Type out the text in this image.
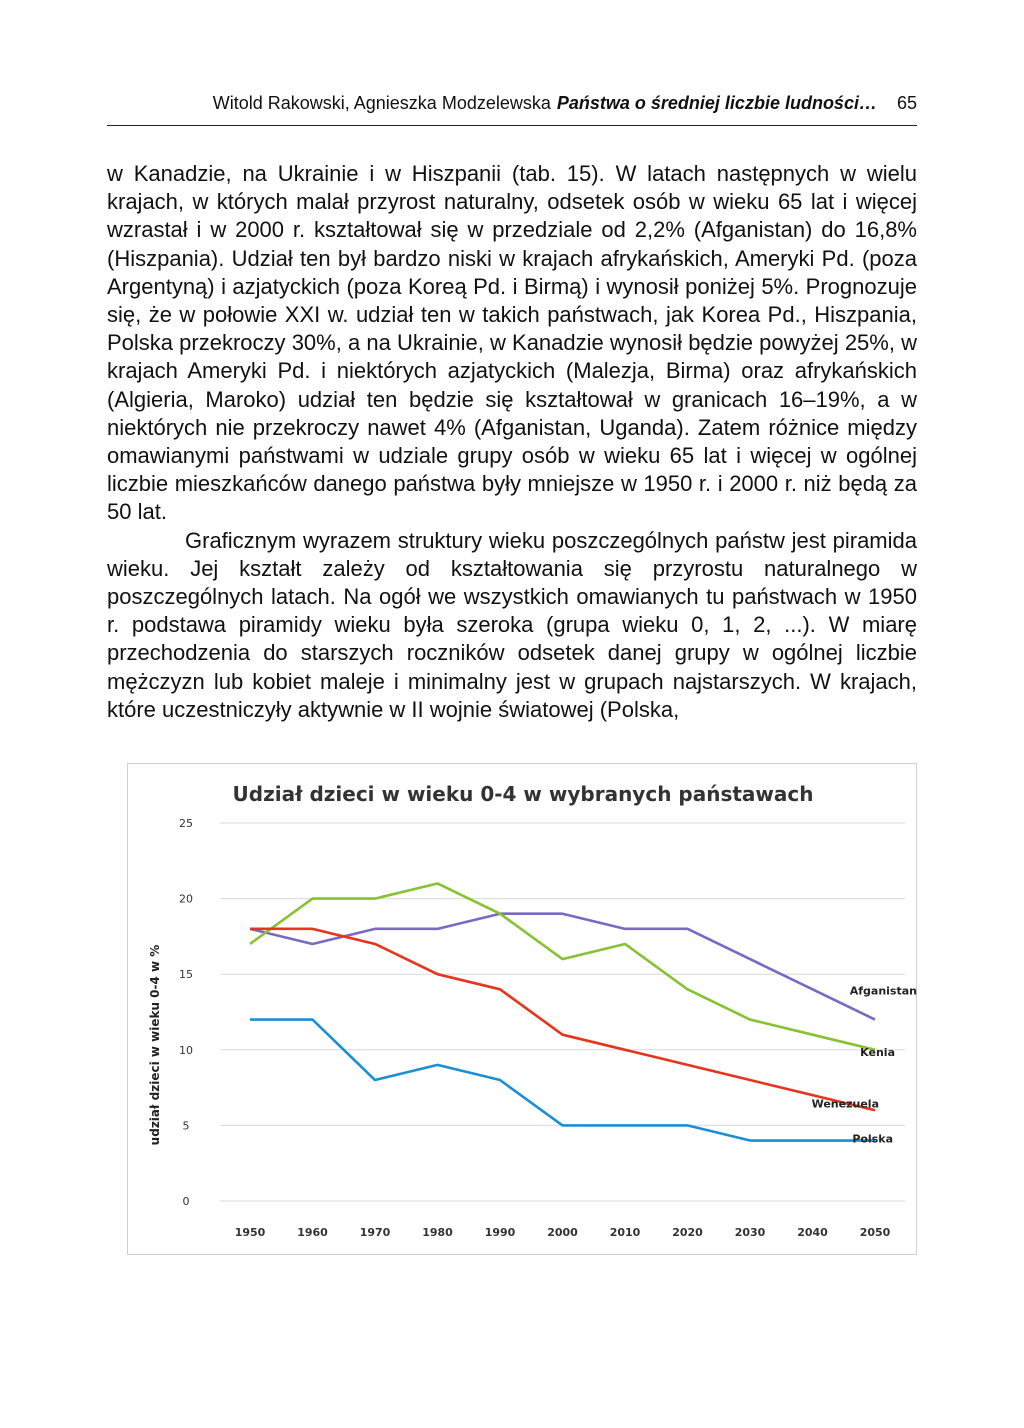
Witold Rakowski, Agnieszka Modzelewska Państwa o średniej liczbie ludności… 65

w Kanadzie, na Ukrainie i w Hiszpanii (tab. 15). W latach następnych w wielu krajach, w których malał przyrost naturalny, odsetek osób w wieku 65 lat i więcej wzrastał i w 2000 r. kształtował się w przedziale od 2,2% (Afganistan) do 16,8% (Hiszpania). Udział ten był bardzo niski w krajach afrykańskich, Ameryki Pd. (poza Argentyną) i azjatyckich (poza Koreą Pd. i Birmą) i wynosił poniżej 5%. Prognozuje się, że w połowie XXI w. udział ten w takich państwach, jak Korea Pd., Hiszpania, Polska przekroczy 30%, a na Ukrainie, w Kanadzie wynosił będzie powyżej 25%, w krajach Ameryki Pd. i niektórych azjatyckich (Malezja, Birma) oraz afrykańskich (Algieria, Maroko) udział ten będzie się kształtował w granicach 16–19%, a w niektórych nie przekroczy nawet 4% (Afganistan, Uganda). Zatem różnice między omawianymi państwami w udziale grupy osób w wieku 65 lat i więcej w ogólnej liczbie mieszkańców danego państwa były mniejsze w 1950 r. i 2000 r. niż będą za 50 lat.

Graficznym wyrazem struktury wieku poszczególnych państw jest piramida wieku. Jej kształt zależy od kształtowania się przyrostu naturalnego w poszczególnych latach. Na ogół we wszystkich omawianych tu państwach w 1950 r. podstawa piramidy wieku była szeroka (grupa wieku 0, 1, 2, ...). W miarę przechodzenia do starszych roczników odsetek danej grupy w ogólnej liczbie mężczyzn lub kobiet maleje i minimalny jest w grupach najstarszych. W krajach, które uczestniczyły aktywnie w II wojnie światowej (Polska,

Udział dzieci w wieku 0-4 w wybranych państawach
udział dzieci w wieku 0-4 w %
0
5
10
15
20
25
1950	1960	1970	1980	1990	2000	2010	2020	2030	2040	2050
Afganistan
Kenia
Wenezuela
Polska
